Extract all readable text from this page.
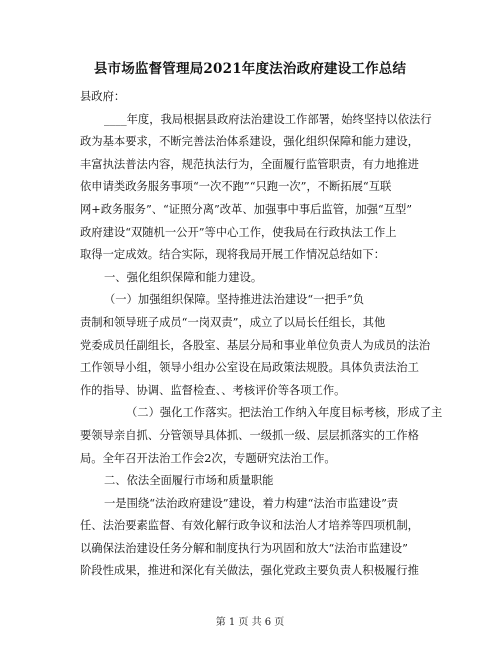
县市场监督管理局2021年度法治政府建设工作总结
县政府：
____年度，我局根据县政府法治建设工作部署，始终坚持以依法行
政为基本要求，不断完善法治体系建设，强化组织保障和能力建设，
丰富执法普法内容，规范执法行为，全面履行监管职责，有力地推进
依申请类政务服务事项“一次不跑”“只跑一次”，不断拓展“互联
网+政务服务”、“证照分离”改革、加强事中事后监管，加强“互型”
政府建设“双随机一公开”等中心工作，使我局在行政执法工作上
取得一定成效。结合实际，现将我局开展工作情况总结如下：
一、强化组织保障和能力建设。
（一）加强组织保障。坚持推进法治建设“一把手”负
责制和领导班子成员“一岗双责”，成立了以局长任组长，其他
党委成员任副组长，各股室、基层分局和事业单位负责人为成员的法治
工作领导小组，领导小组办公室设在局政策法规股。具体负责法治工
作的指导、协调、监督检查、、考核评价等各项工作。
（二）强化工作落实。把法治工作纳入年度目标考核，形成了主
要领导亲自抓、分管领导具体抓、一级抓一级、层层抓落实的工作格
局。全年召开法治工作会2次，专题研究法治工作。
二、依法全面履行市场和质量职能
一是围绕“法治政府建设”建设，着力构建“法治市监建设”责
任、法治要素监督、有效化解行政争议和法治人才培养等四项机制，
以确保法治建设任务分解和制度执行为巩固和放大“法治市监建设”
阶段性成果，推进和深化有关做法，强化党政主要负责人积极履行推
第 1 页 共 6 页
